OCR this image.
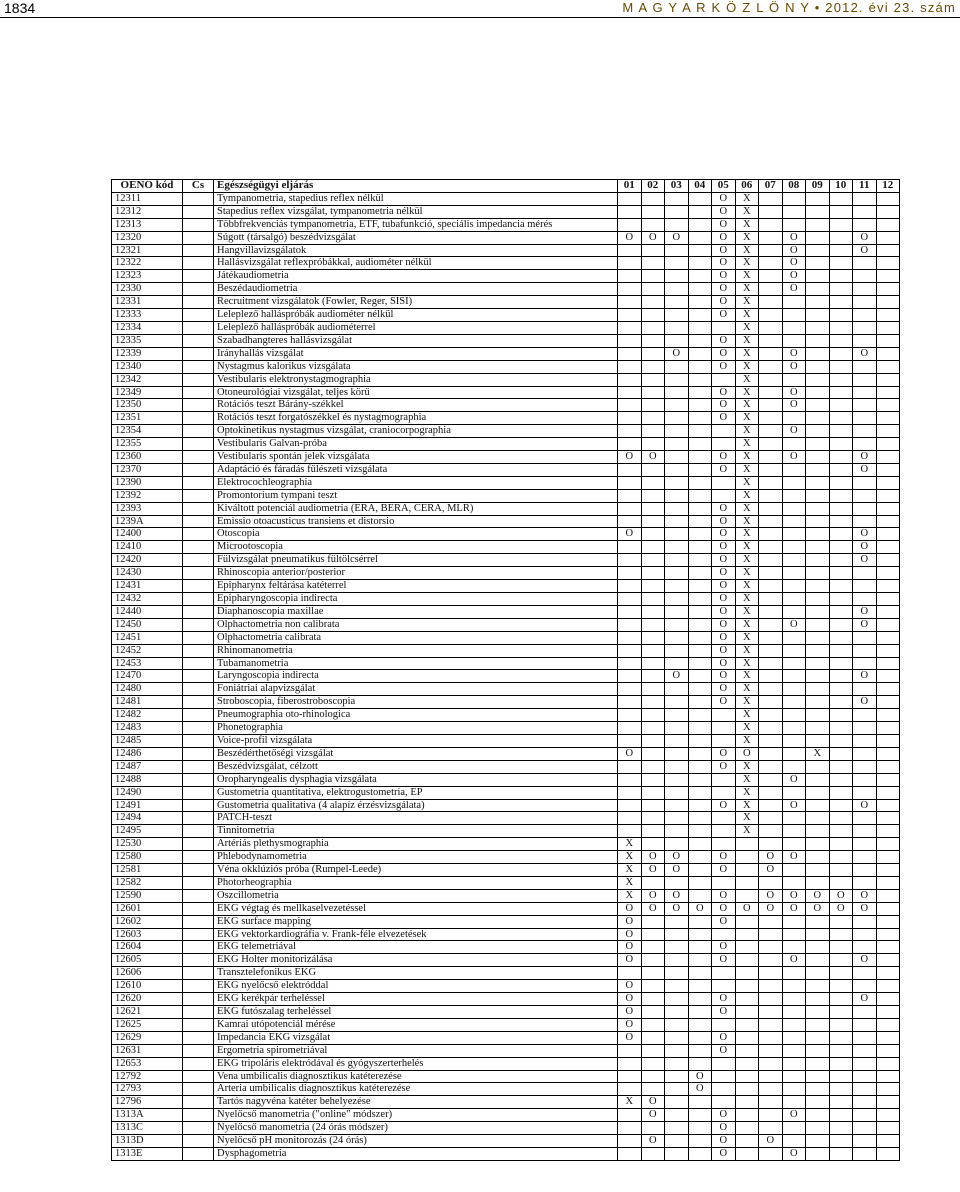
1834	M A G Y A R K Ö Z L Ö N Y • 2012. évi 23. szám
OENO kód	Cs	Egészségügyi eljárás	01	02	03	04	05	06	07	08	09	10	11	12
12311		Tympanometria, stapedius reflex nélkül					O	X						
12312		Stapedius reflex vizsgálat, tympanometria nélkül					O	X						
12313		Többfrekvenciás tympanometria, ETF, tubafunkció, speciális impedancia mérés					O	X						
12320		Súgott (társalgó) beszédvizsgálat	O	O	O		O	X		O			O	
12321		Hangvillavizsgálatok					O	X		O			O	
12322		Hallásvizsgálat reflexpróbákkal, audiométer nélkül					O	X		O				
12323		Játékaudiometria					O	X		O				
12330		Beszédaudiometria					O	X		O				
12331		Recruitment vizsgálatok (Fowler, Reger, SISI)					O	X						
12333		Leleplező halláspróbák audiométer nélkül					O	X						
12334		Leleplező halláspróbák audiométerrel						X						
12335		Szabadhangteres hallásvizsgálat					O	X						
12339		Irányhallás vizsgálat			O		O	X		O			O	
12340		Nystagmus kalorikus vizsgálata					O	X		O				
12342		Vestibularis elektronystagmographia						X						
12349		Otoneurológiai vizsgálat, teljes körű					O	X		O				
12350		Rotációs teszt Bárány-székkel					O	X		O				
12351		Rotációs teszt forgatószékkel és nystagmographia					O	X						
12354		Optokinetikus nystagmus vizsgálat, craniocorpographia						X		O				
12355		Vestibularis Galvan-próba						X						
12360		Vestibularis spontán jelek vizsgálata	O	O			O	X		O			O	
12370		Adaptáció és fáradás fülészeti vizsgálata					O	X					O	
12390		Elektrocochleographia						X						
12392		Promontorium tympani teszt						X						
12393		Kiváltott potenciál audiometria (ERA, BERA, CERA, MLR)					O	X						
1239A		Emissio otoacusticus transiens et distorsio					O	X						
12400		Otoscopia	O				O	X					O	
12410		Microotoscopia					O	X					O	
12420		Fülvizsgálat pneumatikus fültölcsérrel					O	X					O	
12430		Rhinoscopia anterior/posterior					O	X						
12431		Epipharynx feltárása katéterrel					O	X						
12432		Epipharyngoscopia indirecta					O	X						
12440		Diaphanoscopia maxillae					O	X					O	
12450		Olphactometria non calibrata					O	X		O			O	
12451		Olphactometria calibrata					O	X						
12452		Rhinomanometria					O	X						
12453		Tubamanometria					O	X						
12470		Laryngoscopia indirecta			O		O	X					O	
12480		Foniátriai alapvizsgálat					O	X						
12481		Stroboscopia, fiberostroboscopia					O	X					O	
12482		Pneumographia oto-rhinologica						X						
12483		Phonetographia						X						
12485		Voice-profil vizsgálata						X						
12486		Beszédérthetőségi vizsgálat	O				O	O			X			
12487		Beszédvizsgálat, célzott					O	X						
12488		Oropharyngealis dysphagia vizsgálata						X		O				
12490		Gustometria quantitativa, elektrogustometria, EP						X						
12491		Gustometria qualitativa (4 alapíz érzésvizsgálata)					O	X		O			O	
12494		PATCH-teszt						X						
12495		Tinnitometria						X						
12530		Artériás plethysmographia	X											
12580		Phlebodynamometria	X	O	O		O		O	O				
12581		Véna okklúziós próba (Rumpel-Leede)	X	O	O		O		O					
12582		Photorheographia	X											
12590		Oszcillometria	X	O	O		O		O	O	O	O	O	
12601		EKG végtag és mellkaselvezetéssel	O	O	O	O	O	O	O	O	O	O	O	
12602		EKG surface mapping	O				O							
12603		EKG vektorkardiográfia v. Frank-féle elvezetések	O											
12604		EKG telemetriával	O				O							
12605		EKG Holter monitorizálása	O				O			O			O	
12606		Transztelefonikus EKG												
12610		EKG nyelőcső elektróddal	O											
12620		EKG kerékpár terheléssel	O				O						O	
12621		EKG futószalag terheléssel	O				O							
12625		Kamrai utópotenciál mérése	O											
12629		Impedancia EKG vizsgálat	O				O							
12631		Ergometria spirometriával					O							
12653		EKG tripoláris elektródával és gyógyszerterhelés												
12792		Vena umbilicalis diagnosztikus katéterezése				O								
12793		Arteria umbilicalis diagnosztikus katéterezése				O								
12796		Tartós nagyvéna katéter behelyezése	X	O										
1313A		Nyelőcső manometria ("online" módszer)		O			O			O				
1313C		Nyelőcső manometria (24 órás módszer)					O							
1313D		Nyelőcső pH monitorozás (24 órás)		O			O		O					
1313E		Dysphagometria					O			O				
